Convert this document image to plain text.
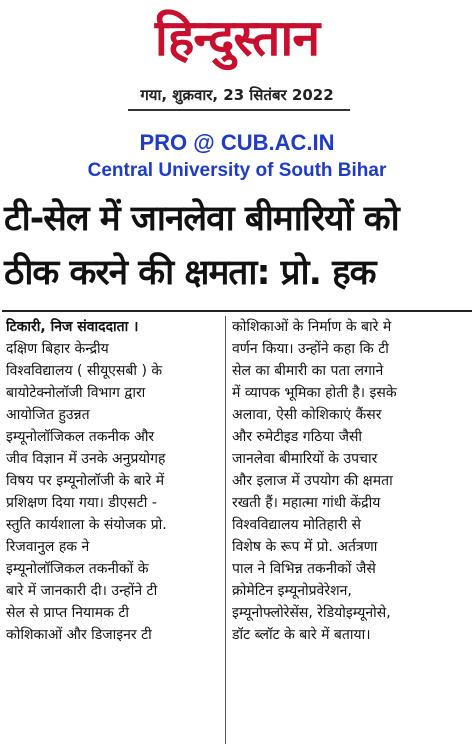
हिन्दुस्तान
गया, शुक्रवार, 23 सितंबर 2022
PRO @ CUB.AC.IN
Central University of South Bihar
टी-सेल में जानलेवा बीमारियों को
ठीक करने की क्षमता: प्रो. हक
टिकारी, निज संवाददाता ।
दक्षिण बिहार केन्द्रीय
विश्वविद्यालय ( सीयूएसबी ) के
बायोटेक्नोलॉजी विभाग द्वारा
आयोजित हुउन्नत
इम्यूनोलॉजिकल तकनीक और
जीव विज्ञान में उनके अनुप्रयोगह
विषय पर इम्यूनोलॉजी के बारे में
प्रशिक्षण दिया गया। डीएसटी -
स्तुति कार्यशाला के संयोजक प्रो.
रिजवानुल हक ने
इम्यूनोलॉजिकल तकनीकों के
बारे में जानकारी दी। उन्होंने टी
सेल से प्राप्त नियामक टी
कोशिकाओं और डिजाइनर टी
कोशिकाओं के निर्माण के बारे मे
वर्णन किया। उन्होंने कहा कि टी
सेल का बीमारी का पता लगाने
में व्यापक भूमिका होती है। इसके
अलावा, ऐसी कोशिकाएं कैंसर
और रुमेटीइड गठिया जैसी
जानलेवा बीमारियों के उपचार
और इलाज में उपयोग की क्षमता
रखती हैं। महात्मा गांधी केंद्रीय
विश्वविद्यालय मोतिहारी से
विशेष के रूप में प्रो. अर्तत्रणा
पाल ने विभिन्न तकनीकों जैसे
क्रोमेटिन इम्यूनोप्रवेरेशन,
इम्यूनोफ्लोरेसेंस, रेडियोइम्यूनोसे,
डॉट ब्लॉट के बारे में बताया।
